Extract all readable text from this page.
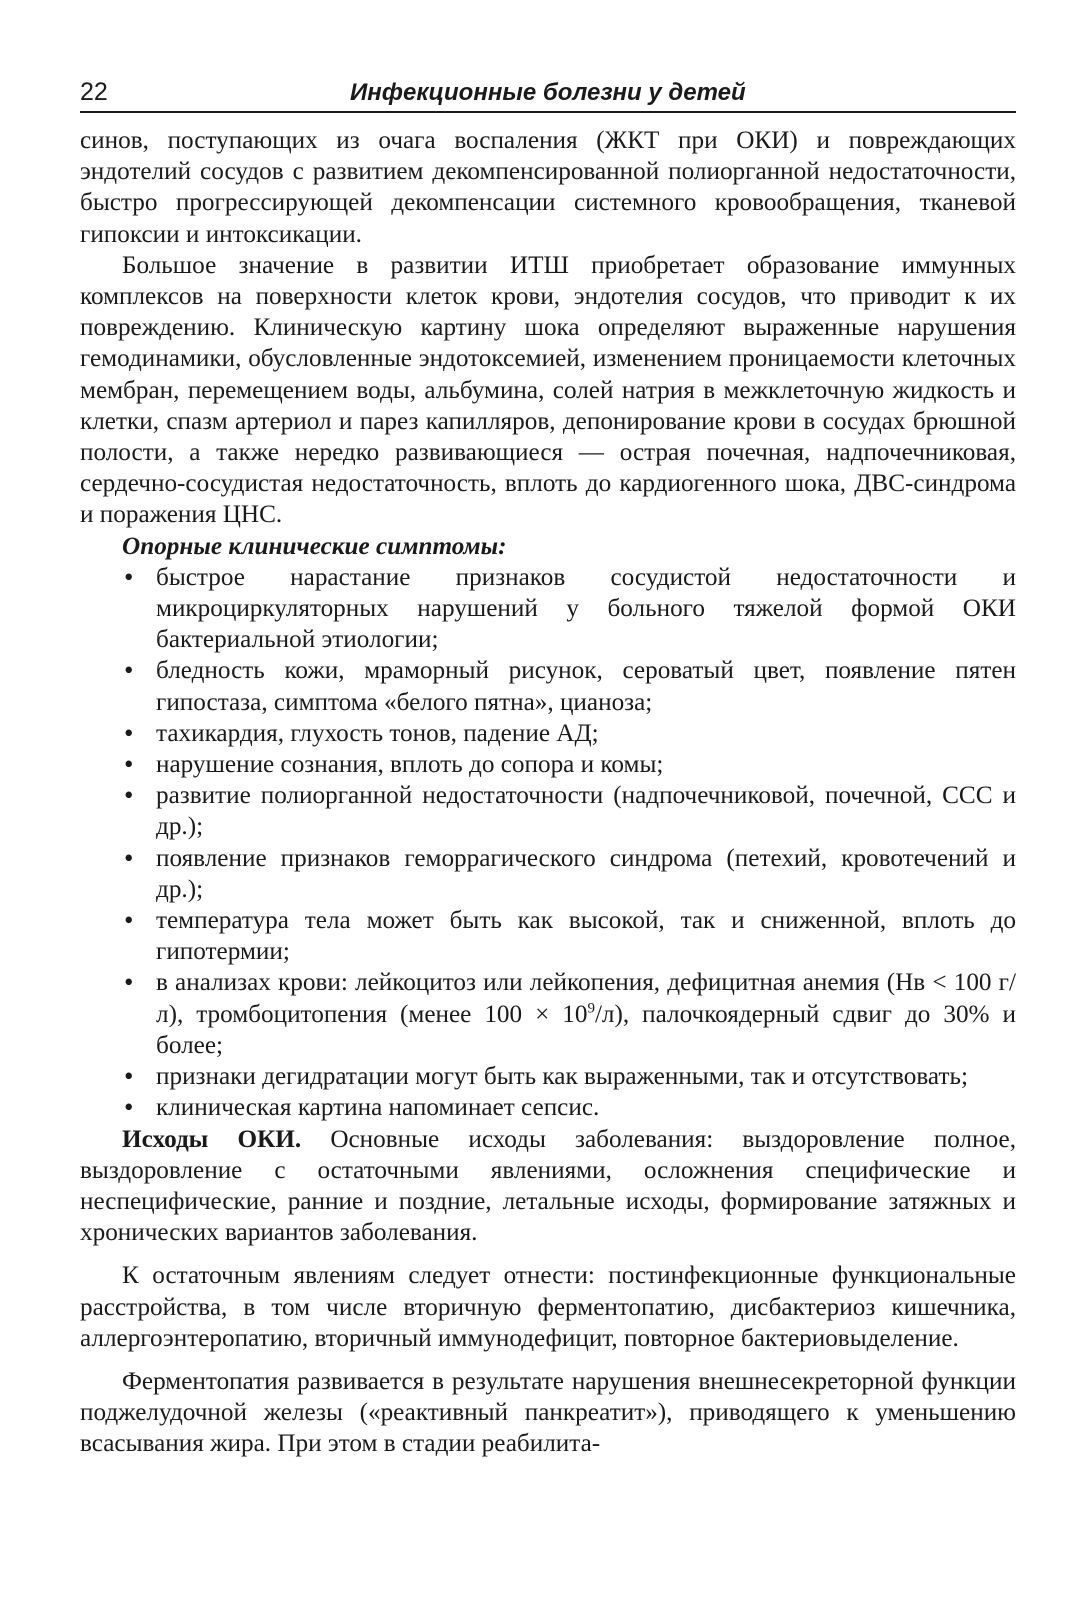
22	Инфекционные болезни у детей

синов, поступающих из очага воспаления (ЖКТ при ОКИ) и повреждающих эндотелий сосудов с развитием декомпенсированной полиорганной недостаточности, быстро прогрессирующей декомпенсации системного кровообращения, тканевой гипоксии и интоксикации.

Большое значение в развитии ИТШ приобретает образование иммунных комплексов на поверхности клеток крови, эндотелия сосудов, что приводит к их повреждению. Клиническую картину шока определяют выраженные нарушения гемодинамики, обусловленные эндотоксемией, изменением проницаемости клеточных мембран, перемещением воды, альбумина, солей натрия в межклеточную жидкость и клетки, спазм артериол и парез капилляров, депонирование крови в сосудах брюшной полости, а также нередко развивающиеся — острая почечная, надпочечниковая, сердечно-сосудистая недостаточность, вплоть до кардиогенного шока, ДВС-синдрома и поражения ЦНС.

Опорные клинические симптомы:
• быстрое нарастание признаков сосудистой недостаточности и микроциркуляторных нарушений у больного тяжелой формой ОКИ бактериальной этиологии;
• бледность кожи, мраморный рисунок, сероватый цвет, появление пятен гипостаза, симптома «белого пятна», цианоза;
• тахикардия, глухость тонов, падение АД;
• нарушение сознания, вплоть до сопора и комы;
• развитие полиорганной недостаточности (надпочечниковой, почечной, ССС и др.);
• появление признаков геморрагического синдрома (петехий, кровотечений и др.);
• температура тела может быть как высокой, так и сниженной, вплоть до гипотермии;
• в анализах крови: лейкоцитоз или лейкопения, дефицитная анемия (Нв < 100 г/л), тромбоцитопения (менее $100 \times 10^9/л$), палочкоядерный сдвиг до 30% и более;
• признаки дегидратации могут быть как выраженными, так и отсутствовать;
• клиническая картина напоминает сепсис.

Исходы ОКИ. Основные исходы заболевания: выздоровление полное, выздоровление с остаточными явлениями, осложнения специфические и неспецифические, ранние и поздние, летальные исходы, формирование затяжных и хронических вариантов заболевания.

К остаточным явлениям следует отнести: постинфекционные функциональные расстройства, в том числе вторичную ферментопатию, дисбактериоз кишечника, аллергоэнтеропатию, вторичный иммунодефицит, повторное бактериовыделение.

Ферментопатия развивается в результате нарушения внешнесекреторной функции поджелудочной железы («реактивный панкреатит»), приводящего к уменьшению всасывания жира. При этом в стадии реабилита-
